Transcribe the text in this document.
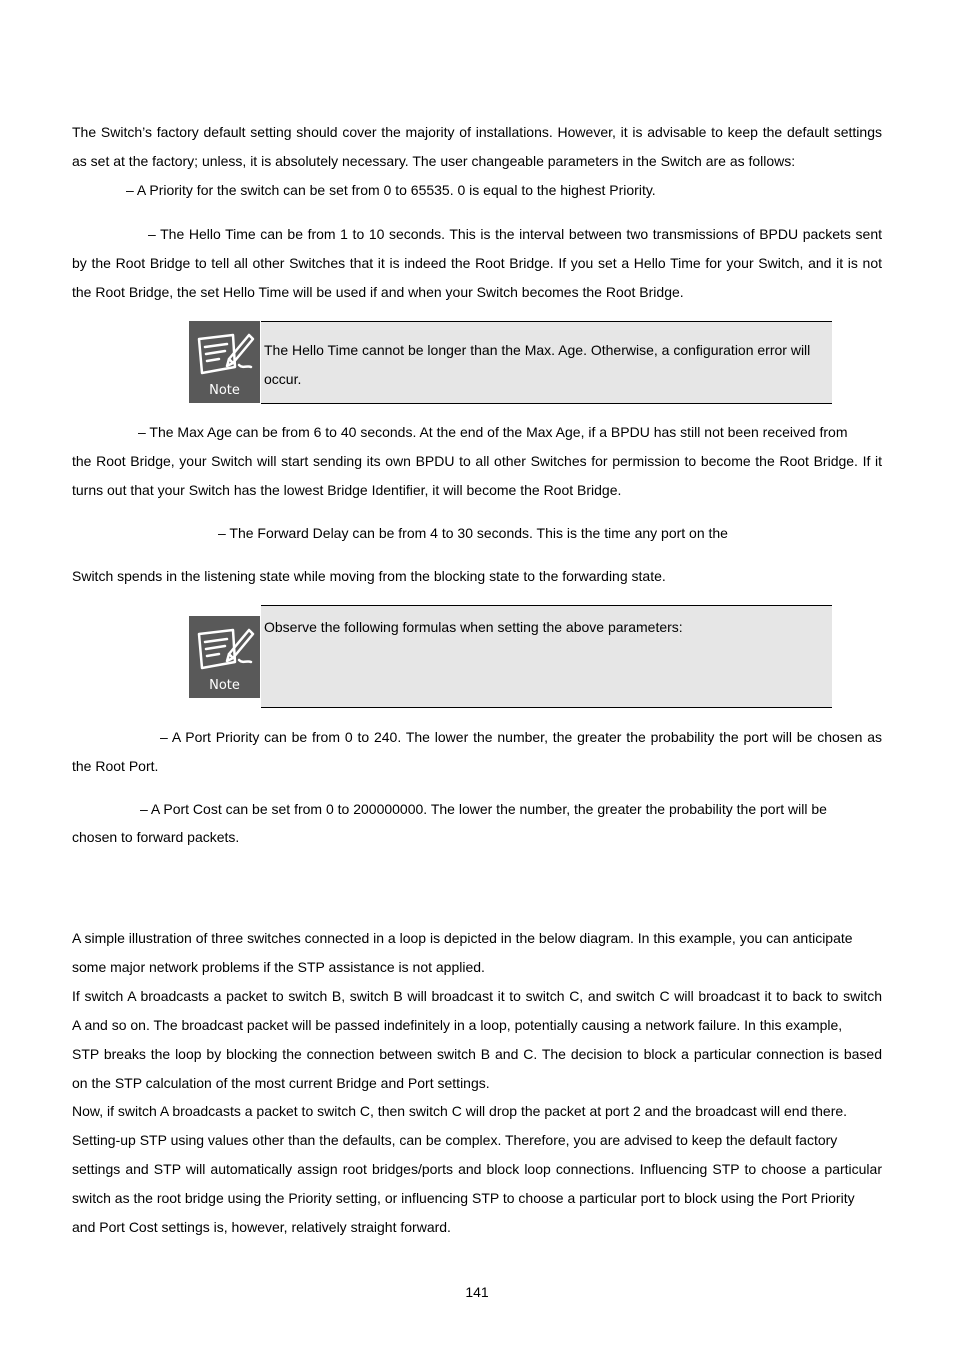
The Switch’s factory default setting should cover the majority of installations. However, it is advisable to keep the default settings
as set at the factory; unless, it is absolutely necessary. The user changeable parameters in the Switch are as follows:
– A Priority for the switch can be set from 0 to 65535. 0 is equal to the highest Priority.
– The Hello Time can be from 1 to 10 seconds. This is the interval between two transmissions of BPDU packets sent
by the Root Bridge to tell all other Switches that it is indeed the Root Bridge. If you set a Hello Time for your Switch, and it is not
the Root Bridge, the set Hello Time will be used if and when your Switch becomes the Root Bridge.
Note
The Hello Time cannot be longer than the Max. Age. Otherwise, a configuration error will
occur.
– The Max Age can be from 6 to 40 seconds. At the end of the Max Age, if a BPDU has still not been received from
the Root Bridge, your Switch will start sending its own BPDU to all other Switches for permission to become the Root Bridge. If it
turns out that your Switch has the lowest Bridge Identifier, it will become the Root Bridge.
– The Forward Delay can be from 4 to 30 seconds. This is the time any port on the
Switch spends in the listening state while moving from the blocking state to the forwarding state.
Note
Observe the following formulas when setting the above parameters:
– A Port Priority can be from 0 to 240. The lower the number, the greater the probability the port will be chosen as
the Root Port.
– A Port Cost can be set from 0 to 200000000. The lower the number, the greater the probability the port will be
chosen to forward packets.
A simple illustration of three switches connected in a loop is depicted in the below diagram. In this example, you can anticipate
some major network problems if the STP assistance is not applied.
If switch A broadcasts a packet to switch B, switch B will broadcast it to switch C, and switch C will broadcast it to back to switch
A and so on. The broadcast packet will be passed indefinitely in a loop, potentially causing a network failure. In this example,
STP breaks the loop by blocking the connection between switch B and C. The decision to block a particular connection is based
on the STP calculation of the most current Bridge and Port settings.
Now, if switch A broadcasts a packet to switch C, then switch C will drop the packet at port 2 and the broadcast will end there.
Setting-up STP using values other than the defaults, can be complex. Therefore, you are advised to keep the default factory
settings and STP will automatically assign root bridges/ports and block loop connections. Influencing STP to choose a particular
switch as the root bridge using the Priority setting, or influencing STP to choose a particular port to block using the Port Priority
and Port Cost settings is, however, relatively straight forward.
141
